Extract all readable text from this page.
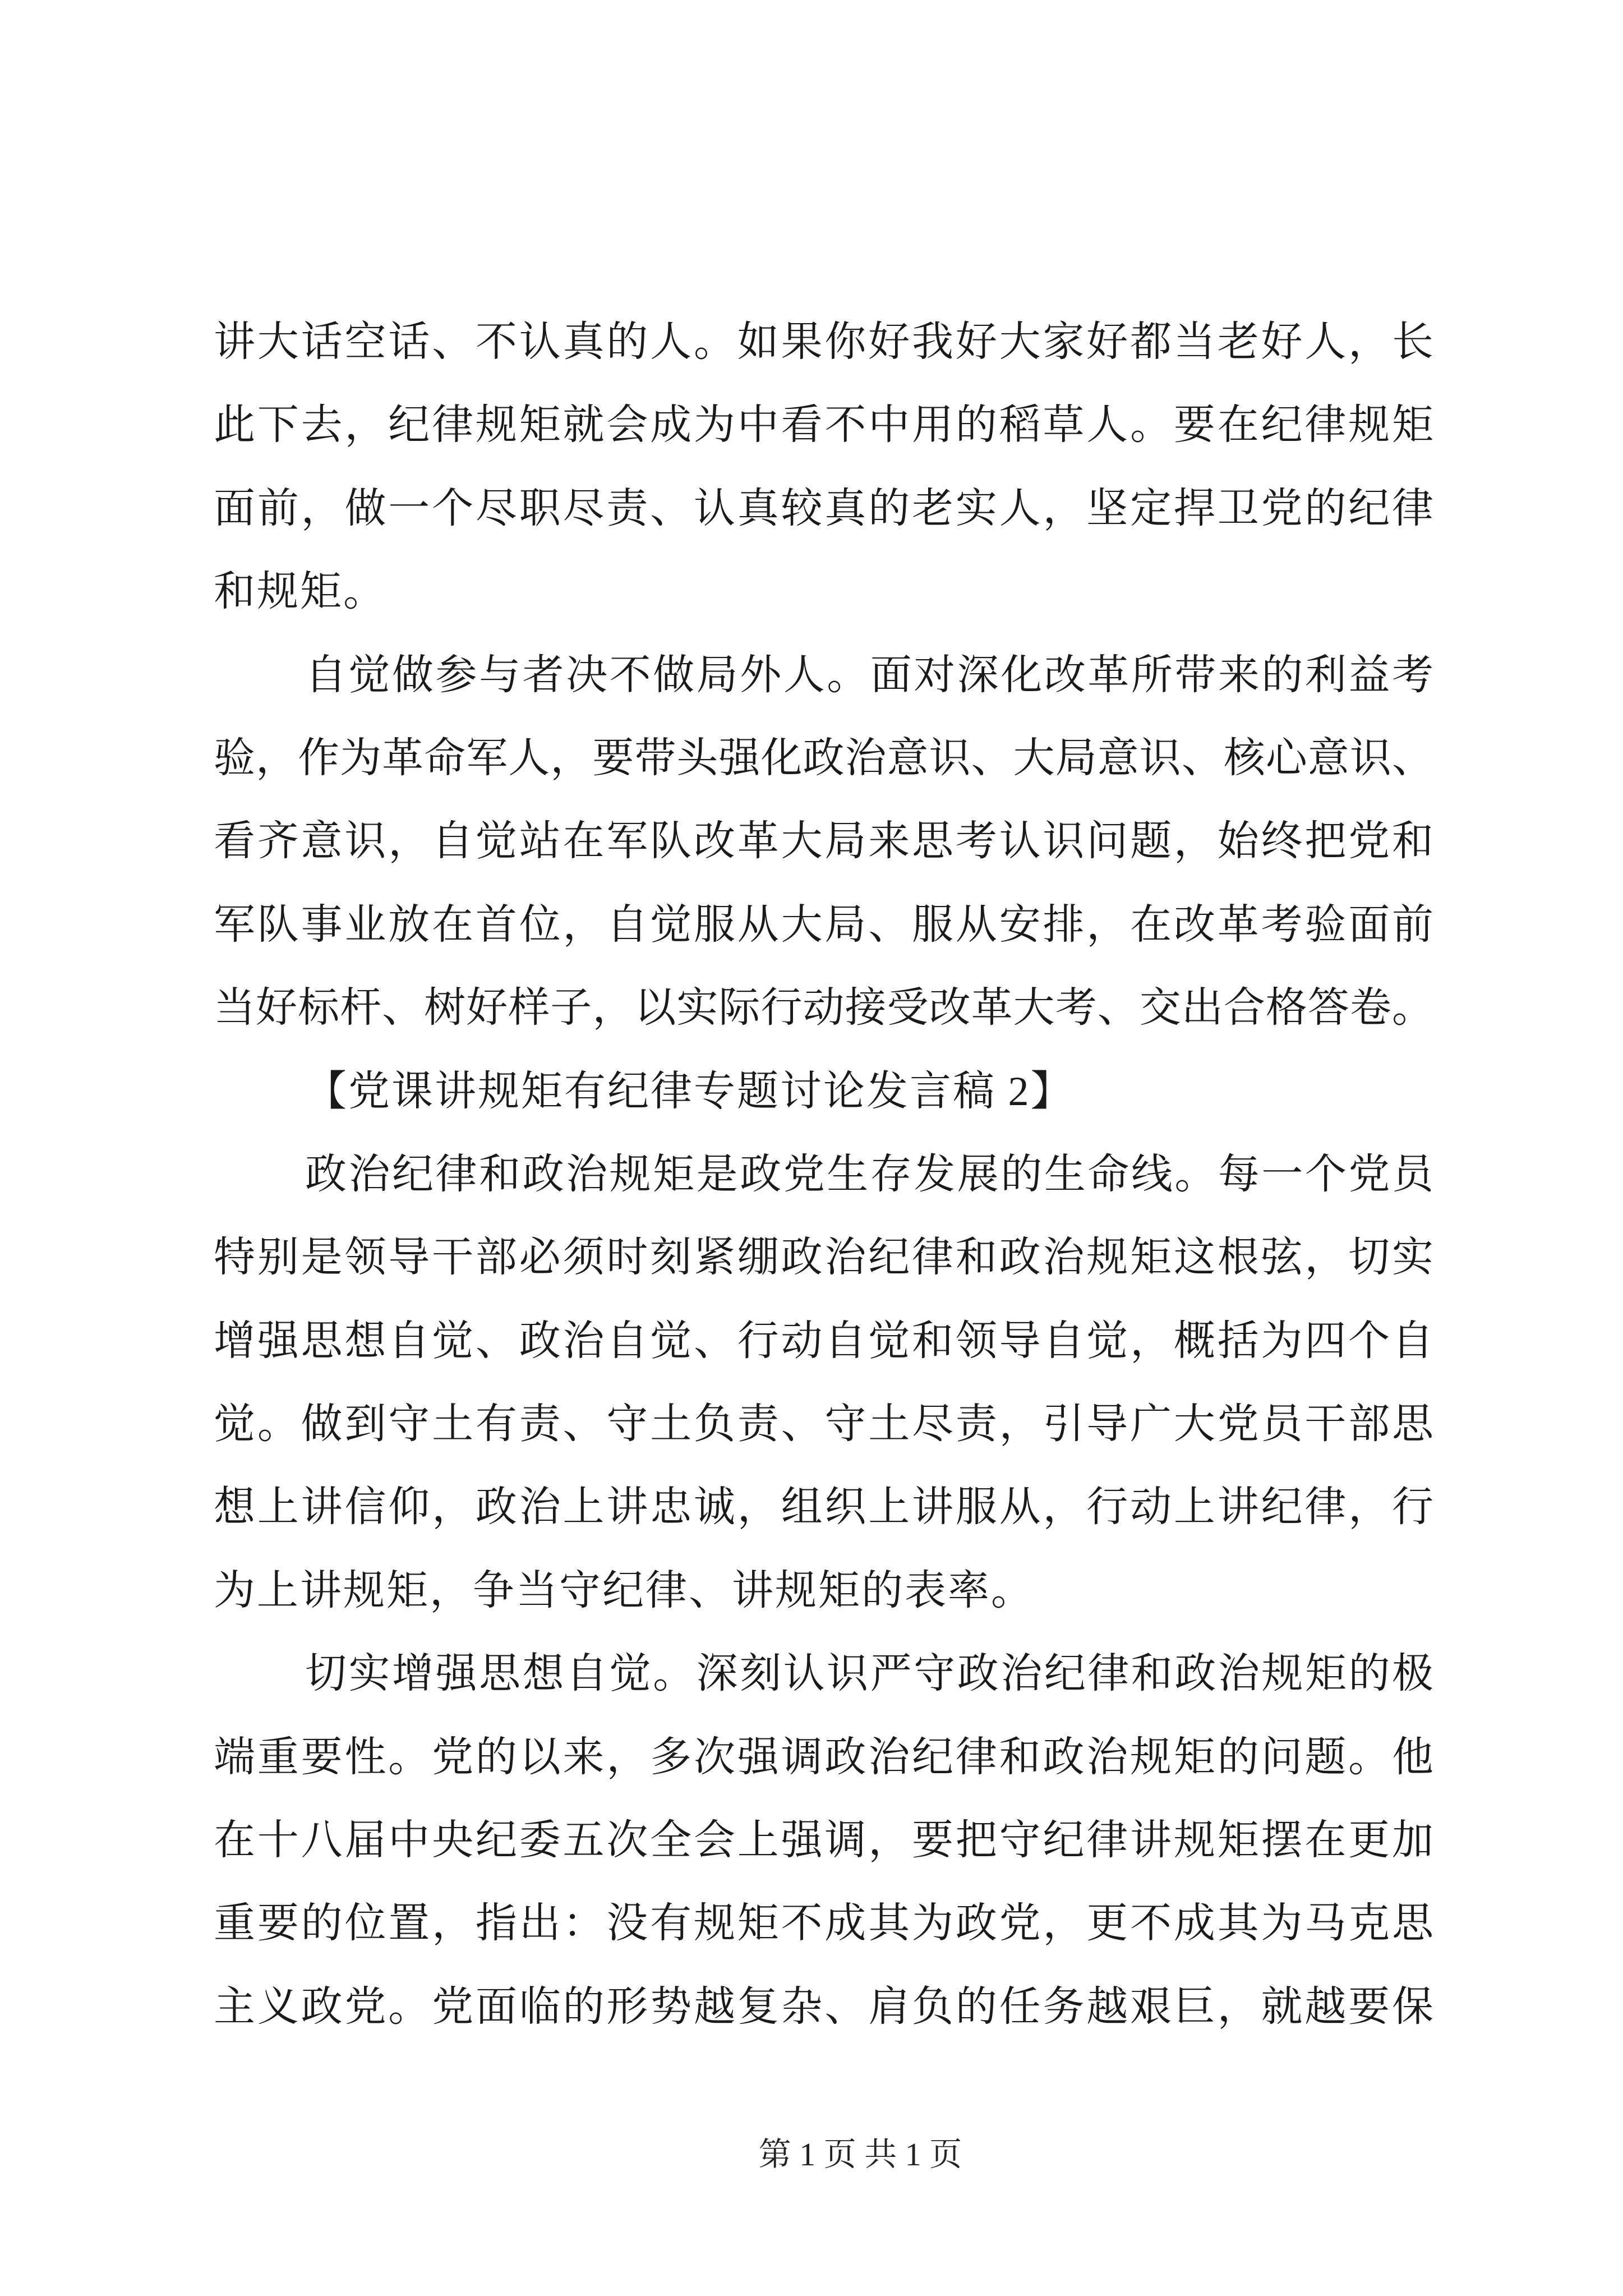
讲大话空话、不认真的人。如果你好我好大家好都当老好人，长
此下去，纪律规矩就会成为中看不中用的稻草人。要在纪律规矩
面前，做一个尽职尽责、认真较真的老实人，坚定捍卫党的纪律
和规矩。
自觉做参与者决不做局外人。面对深化改革所带来的利益考
验，作为革命军人，要带头强化政治意识、大局意识、核心意识、
看齐意识，自觉站在军队改革大局来思考认识问题，始终把党和
军队事业放在首位，自觉服从大局、服从安排，在改革考验面前
当好标杆、树好样子，以实际行动接受改革大考、交出合格答卷。
【党课讲规矩有纪律专题讨论发言稿 2】
政治纪律和政治规矩是政党生存发展的生命线。每一个党员
特别是领导干部必须时刻紧绷政治纪律和政治规矩这根弦，切实
增强思想自觉、政治自觉、行动自觉和领导自觉，概括为四个自
觉。做到守土有责、守土负责、守土尽责，引导广大党员干部思
想上讲信仰，政治上讲忠诚，组织上讲服从，行动上讲纪律，行
为上讲规矩，争当守纪律、讲规矩的表率。
切实增强思想自觉。深刻认识严守政治纪律和政治规矩的极
端重要性。党的以来，多次强调政治纪律和政治规矩的问题。他
在十八届中央纪委五次全会上强调，要把守纪律讲规矩摆在更加
重要的位置，指出：没有规矩不成其为政党，更不成其为马克思
主义政党。党面临的形势越复杂、肩负的任务越艰巨，就越要保
第 1 页 共 1 页
